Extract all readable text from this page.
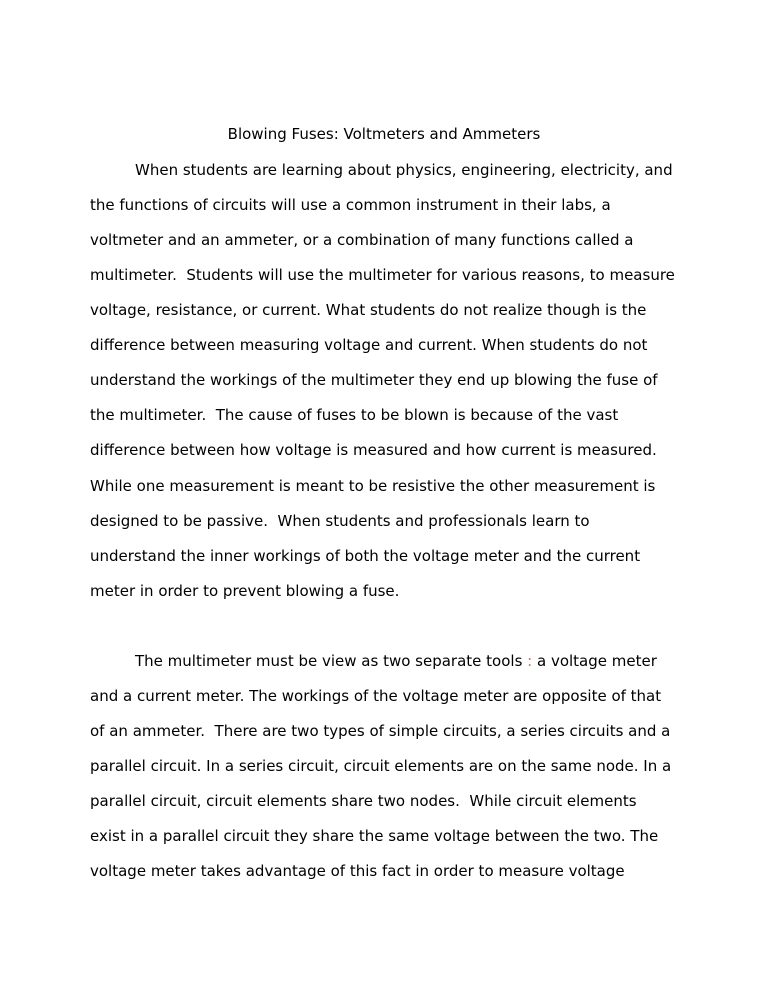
Blowing Fuses: Voltmeters and Ammeters
When students are learning about physics, engineering, electricity, and
the functions of circuits will use a common instrument in their labs, a
voltmeter and an ammeter, or a combination of many functions called a
multimeter.  Students will use the multimeter for various reasons, to measure
voltage, resistance, or current. What students do not realize though is the
difference between measuring voltage and current. When students do not
understand the workings of the multimeter they end up blowing the fuse of
the multimeter.  The cause of fuses to be blown is because of the vast
difference between how voltage is measured and how current is measured.
While one measurement is meant to be resistive the other measurement is
designed to be passive.  When students and professionals learn to
understand the inner workings of both the voltage meter and the current
meter in order to prevent blowing a fuse.
The multimeter must be view as two separate tools : a voltage meter
and a current meter. The workings of the voltage meter are opposite of that
of an ammeter.  There are two types of simple circuits, a series circuits and a
parallel circuit. In a series circuit, circuit elements are on the same node. In a
parallel circuit, circuit elements share two nodes.  While circuit elements
exist in a parallel circuit they share the same voltage between the two. The
voltage meter takes advantage of this fact in order to measure voltage
